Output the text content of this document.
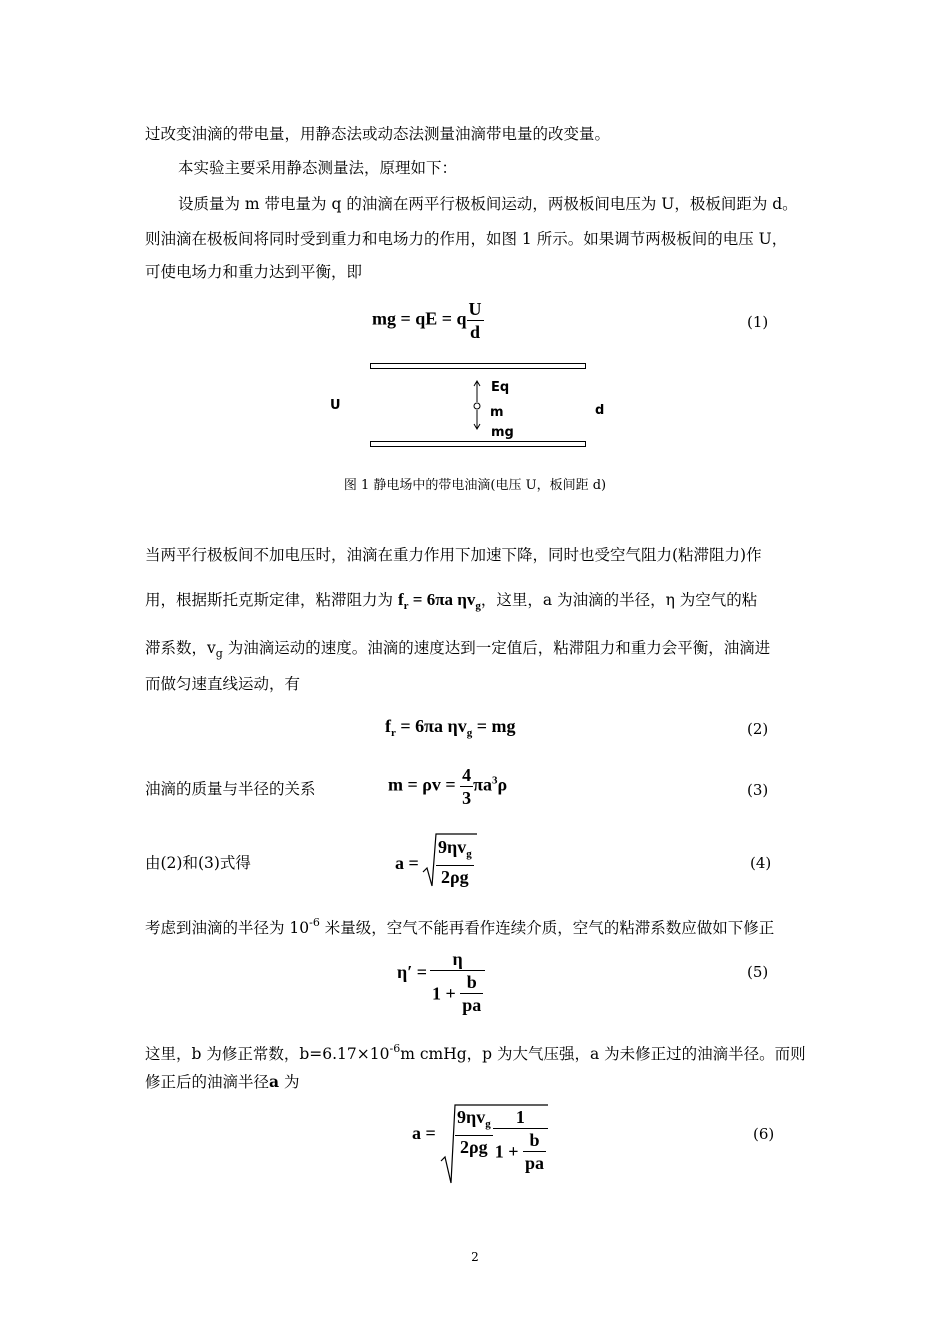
过改变油滴的带电量，用静态法或动态法测量油滴带电量的改变量。
本实验主要采用静态测量法，原理如下：
设质量为 m 带电量为 q 的油滴在两平行极板间运动，两极板间电压为 U，极板间距为 d。
则油滴在极板间将同时受到重力和电场力的作用，如图 1 所示。如果调节两极板间的电压 U，
可使电场力和重力达到平衡，即
mg = qE = q $\frac{U}{d}$	(1)
U	d
Eq
m
mg
图 1 静电场中的带电油滴(电压 U，板间距 d)
当两平行极板间不加电压时，油滴在重力作用下加速下降，同时也受空气阻力(粘滞阻力)作
用，根据斯托克斯定律，粘滞阻力为 $f_r = 6\pi a$ $\eta v_g$，这里，a 为油滴的半径，η 为空气的粘
滞系数，$v_g$ 为油滴运动的速度。油滴的速度达到一定值后，粘滞阻力和重力会平衡，油滴进
而做匀速直线运动，有
$f_r = 6\pi a$ $\eta v_g$ = mg	(2)
油滴的质量与半径的关系	$m = \rho v = \frac{4}{3} \pi a^3\rho$	(3)
由(2)和(3)式得	$a = \frac{9\eta v_g}{2\rho g}$	(4)
考虑到油滴的半径为 $10^{-6}$ 米量级，空气不能再看作连续介质，空气的粘滞系数应做如下修正
$\eta' = \frac{\eta}{1 + \frac{b}{pa}}$	(5)
这里，b 为修正常数，$b=6.17\times 10^{-6}m$ cmHg，p 为大气压强，a 为未修正过的油滴半径。而则
修正后的油滴半径a 为
$a = \frac{9\eta v_g}{2\rho g} \frac{1}{1 + \frac{b}{pa}}$	(6)
2
